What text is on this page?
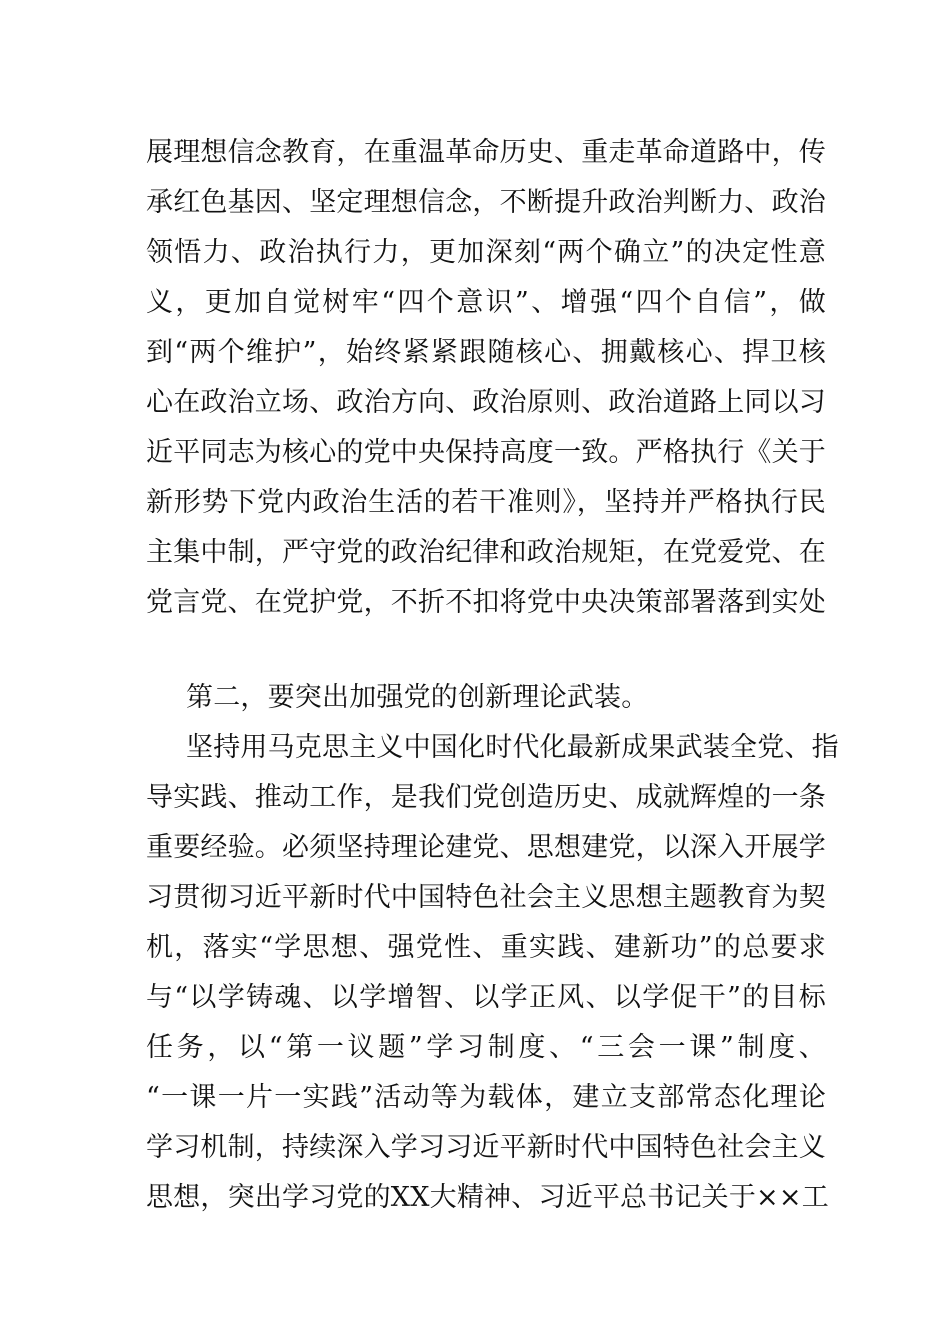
展理想信念教育，在重温革命历史、重走革命道路中，传
承红色基因、坚定理想信念，不断提升政治判断力、政治
领悟力、政治执行力，更加深刻“两个确立”的决定性意
义，更加自觉树牢“四个意识”、增强“四个自信”，做
到“两个维护”，始终紧紧跟随核心、拥戴核心、捍卫核
心在政治立场、政治方向、政治原则、政治道路上同以习
近平同志为核心的党中央保持高度一致。严格执行《关于
新形势下党内政治生活的若干准则》，坚持并严格执行民
主集中制，严守党的政治纪律和政治规矩，在党爱党、在
党言党、在党护党，不折不扣将党中央决策部署落到实处
第二，要突出加强党的创新理论武装。
坚持用马克思主义中国化时代化最新成果武装全党、指
导实践、推动工作，是我们党创造历史、成就辉煌的一条
重要经验。必须坚持理论建党、思想建党，以深入开展学
习贯彻习近平新时代中国特色社会主义思想主题教育为契
机，落实“学思想、强党性、重实践、建新功”的总要求
与“以学铸魂、以学增智、以学正风、以学促干”的目标
任务，以“第一议题”学习制度、“三会一课”制度、
“一课一片一实践”活动等为载体，建立支部常态化理论
学习机制，持续深入学习习近平新时代中国特色社会主义
思想，突出学习党的XX大精神、习近平总书记关于××工
